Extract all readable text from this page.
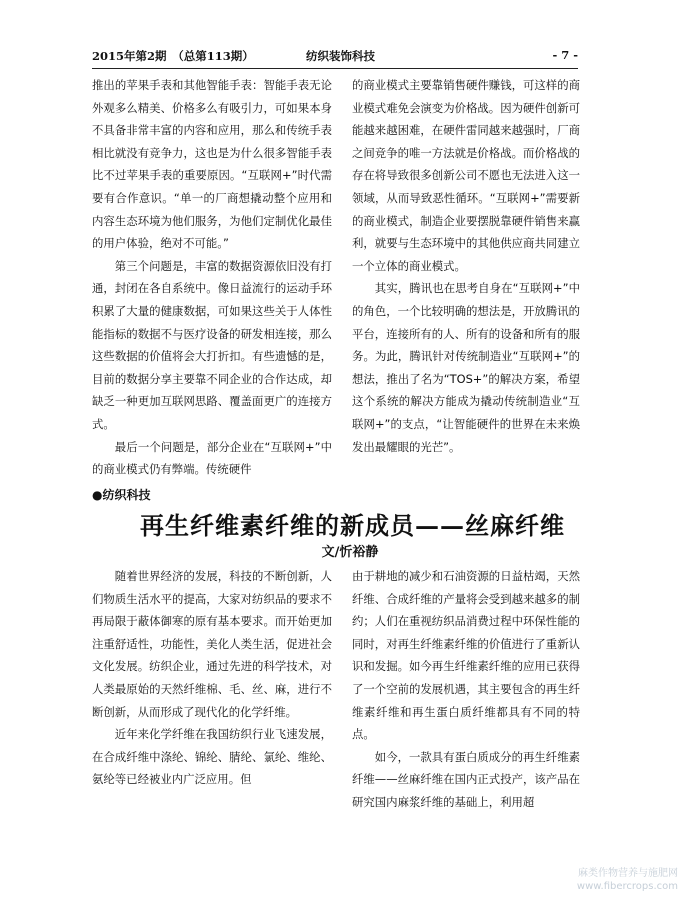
2015年第2期　（总第113期）	纺织装饰科技	- 7 -

推出的苹果手表和其他智能手表：智能手表无论外观多么精美、价格多么有吸引力，可如果本身不具备非常丰富的内容和应用，那么和传统手表相比就没有竞争力，这也是为什么很多智能手表比不过苹果手表的重要原因。“互联网+”时代需要有合作意识。“单一的厂商想撬动整个应用和内容生态环境为他们服务，为他们定制优化最佳的用户体验，绝对不可能。”

第三个问题是，丰富的数据资源依旧没有打通，封闭在各自系统中。像日益流行的运动手环积累了大量的健康数据，可如果这些关于人体性能指标的数据不与医疗设备的研发相连接，那么这些数据的价值将会大打折扣。有些遗憾的是，目前的数据分享主要靠不同企业的合作达成，却缺乏一种更加互联网思路、覆盖面更广的连接方式。

最后一个问题是，部分企业在“互联网+”中的商业模式仍有弊端。传统硬件

的商业模式主要靠销售硬件赚钱，可这样的商业模式难免会演变为价格战。因为硬件创新可能越来越困难，在硬件雷同越来越强时，厂商之间竞争的唯一方法就是价格战。而价格战的存在将导致很多创新公司不愿也无法进入这一领域，从而导致恶性循环。“互联网+”需要新的商业模式，制造企业要摆脱靠硬件销售来赢利，就要与生态环境中的其他供应商共同建立一个立体的商业模式。

其实，腾讯也在思考自身在“互联网+”中的角色，一个比较明确的想法是，开放腾讯的平台，连接所有的人、所有的设备和所有的服务。为此，腾讯针对传统制造业“互联网+”的想法，推出了名为“TOS+”的解决方案，希望这个系统的解决方能成为撬动传统制造业“互联网+”的支点，“让智能硬件的世界在未来焕发出最耀眼的光芒”。

●纺织科技
再生纤维素纤维的新成员——丝麻纤维
文/忻裕静

随着世界经济的发展，科技的不断创新，人们物质生活水平的提高，大家对纺织品的要求不再局限于蔽体御寒的原有基本要求。而开始更加注重舒适性，功能性，美化人类生活，促进社会文化发展。纺织企业，通过先进的科学技术，对人类最原始的天然纤维棉、毛、丝、麻，进行不断创新，从而形成了现代化的化学纤维。

近年来化学纤维在我国纺织行业飞速发展，在合成纤维中涤纶、锦纶、腈纶、氯纶、维纶、氨纶等已经被业内广泛应用。但

由于耕地的减少和石油资源的日益枯竭，天然纤维、合成纤维的产量将会受到越来越多的制约；人们在重视纺织品消费过程中环保性能的同时，对再生纤维素纤维的价值进行了重新认识和发掘。如今再生纤维素纤维的应用已获得了一个空前的发展机遇，其主要包含的再生纤维素纤维和再生蛋白质纤维都具有不同的特点。

如今，一款具有蛋白质成分的再生纤维素纤维——丝麻纤维在国内正式投产，该产品在研究国内麻浆纤维的基础上，利用超

麻类作物营养与施肥网
www.fibercrops.com
